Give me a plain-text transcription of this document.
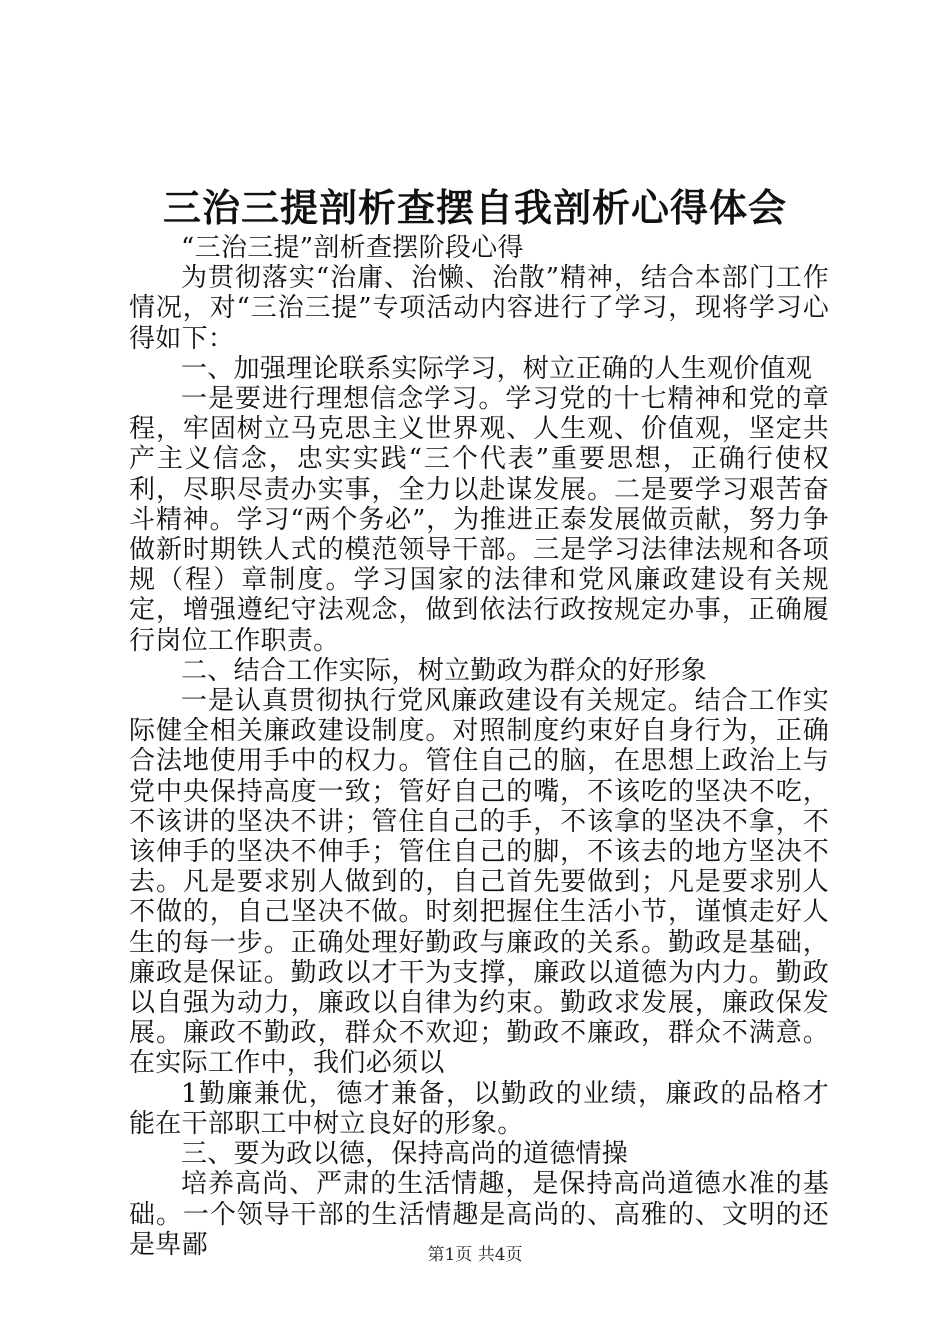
三治三提剖析查摆自我剖析心得体会

“三治三提”剖析查摆阶段心得

为贯彻落实“治庸、治懒、治散”精神，结合本部门工作情况，对“三治三提”专项活动内容进行了学习，现将学习心得如下：

一、加强理论联系实际学习，树立正确的人生观价值观

一是要进行理想信念学习。学习党的十七精神和党的章程，牢固树立马克思主义世界观、人生观、价值观，坚定共产主义信念，忠实实践“三个代表”重要思想，正确行使权利，尽职尽责办实事，全力以赴谋发展。二是要学习艰苦奋斗精神。学习“两个务必”，为推进正泰发展做贡献，努力争做新时期铁人式的模范领导干部。三是学习法律法规和各项规（程）章制度。学习国家的法律和党风廉政建设有关规定，增强遵纪守法观念，做到依法行政按规定办事，正确履行岗位工作职责。

二、结合工作实际，树立勤政为群众的好形象

一是认真贯彻执行党风廉政建设有关规定。结合工作实际健全相关廉政建设制度。对照制度约束好自身行为，正确合法地使用手中的权力。管住自己的脑，在思想上政治上与党中央保持高度一致；管好自己的嘴，不该吃的坚决不吃，不该讲的坚决不讲；管住自己的手，不该拿的坚决不拿，不该伸手的坚决不伸手；管住自己的脚，不该去的地方坚决不去。凡是要求别人做到的，自己首先要做到；凡是要求别人不做的，自己坚决不做。时刻把握住生活小节，谨慎走好人生的每一步。正确处理好勤政与廉政的关系。勤政是基础，廉政是保证。勤政以才干为支撑，廉政以道德为内力。勤政以自强为动力，廉政以自律为约束。勤政求发展，廉政保发展。廉政不勤政，群众不欢迎；勤政不廉政，群众不满意。在实际工作中，我们必须以

1勤廉兼优，德才兼备，以勤政的业绩，廉政的品格才能在干部职工中树立良好的形象。

三、要为政以德，保持高尚的道德情操

培养高尚、严肃的生活情趣，是保持高尚道德水准的基础。一个领导干部的生活情趣是高尚的、高雅的、文明的还是卑鄙	第1页 共4页
